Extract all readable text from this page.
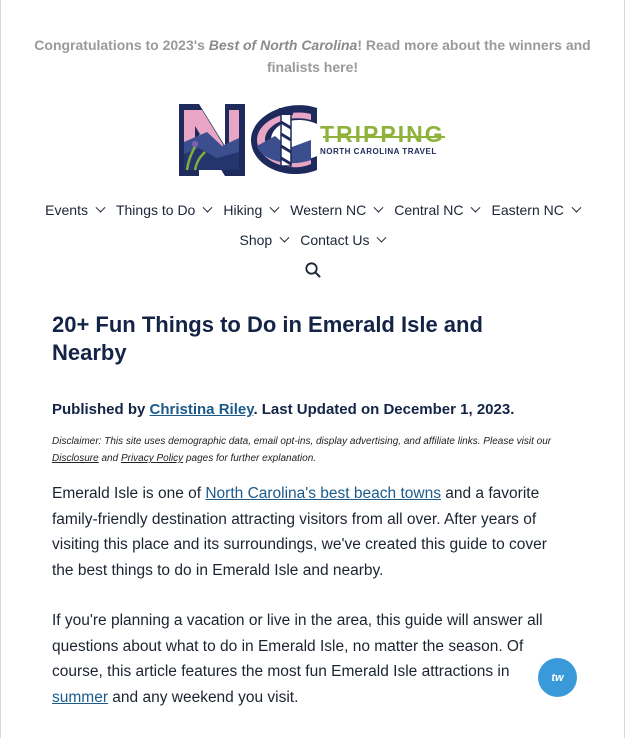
Congratulations to 2023's Best of North Carolina! Read more about the winners and finalists here!
TRIPPING
NORTH CAROLINA TRAVEL
Events Things to Do Hiking Western NC Central NC Eastern NC
Shop Contact Us
20+ Fun Things to Do in Emerald Isle and Nearby
Published by Christina Riley. Last Updated on December 1, 2023.
Disclaimer: This site uses demographic data, email opt-ins, display advertising, and affiliate links. Please visit our Disclosure and Privacy Policy pages for further explanation.

Emerald Isle is one of North Carolina's best beach towns and a favorite family-friendly destination attracting visitors from all over. After years of visiting this place and its surroundings, we've created this guide to cover the best things to do in Emerald Isle and nearby.

If you're planning a vacation or live in the area, this guide will answer all questions about what to do in Emerald Isle, no matter the season. Of course, this article features the most fun Emerald Isle attractions in summer and any weekend you visit.

tw
